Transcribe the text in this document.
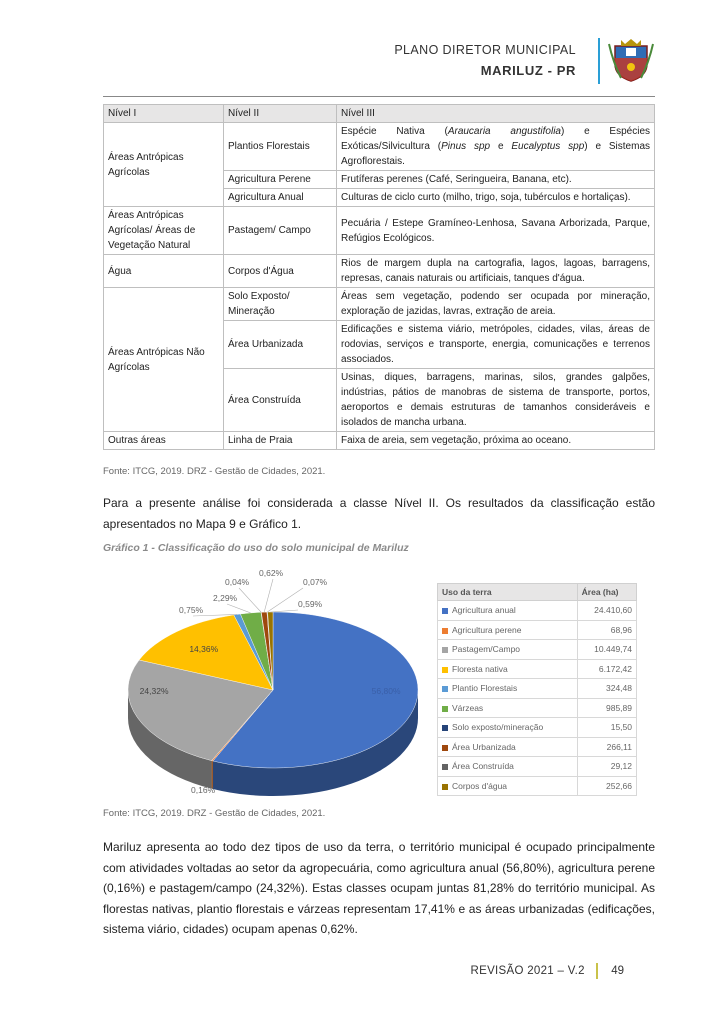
PLANO DIRETOR MUNICIPAL
MARILUZ - PR
Nível I	Nível II	Nível III
Áreas Antrópicas Agrícolas	Plantios Florestais	Espécie Nativa (Araucaria angustifolia) e Espécies Exóticas/Silvicultura (Pinus spp e Eucalyptus spp) e Sistemas Agroflorestais.
	Agricultura Perene	Frutíferas perenes (Café, Seringueira, Banana, etc).
	Agricultura Anual	Culturas de ciclo curto (milho, trigo, soja, tubérculos e hortaliças).
Áreas Antrópicas Agrícolas/ Áreas de Vegetação Natural	Pastagem/ Campo	Pecuária / Estepe Gramíneo-Lenhosa, Savana Arborizada, Parque, Refúgios Ecológicos.
Água	Corpos d'Água	Rios de margem dupla na cartografia, lagos, lagoas, barragens, represas, canais naturais ou artificiais, tanques d'água.
Áreas Antrópicas Não Agrícolas	Solo Exposto/ Mineração	Áreas sem vegetação, podendo ser ocupada por mineração, exploração de jazidas, lavras, extração de areia.
	Área Urbanizada	Edificações e sistema viário, metrópoles, cidades, vilas, áreas de rodovias, serviços e transporte, energia, comunicações e terrenos associados.
	Área Construída	Usinas, diques, barragens, marinas, silos, grandes galpões, indústrias, pátios de manobras de sistema de transporte, portos, aeroportos e demais estruturas de tamanhos consideráveis e isolados de mancha urbana.
Outras áreas	Linha de Praia	Faixa de areia, sem vegetação, próxima ao oceano.
Fonte: ITCG, 2019. DRZ - Gestão de Cidades, 2021.
Para a presente análise foi considerada a classe Nível II. Os resultados da classificação estão apresentados no Mapa 9 e Gráfico 1.
Gráfico 1 - Classificação do uso do solo municipal de Mariluz
56,80%
24,32%
14,36%
0,16%
0,75%
2,29%
0,04%
0,62%
0,07%
0,59%
Uso da terra	Área (ha)
Agricultura anual	24.410,60
Agricultura perene	68,96
Pastagem/Campo	10.449,74
Floresta nativa	6.172,42
Plantio Florestais	324,48
Várzeas	985,89
Solo exposto/mineração	15,50
Área Urbanizada	266,11
Área Construída	29,12
Corpos d'água	252,66
Fonte: ITCG, 2019. DRZ - Gestão de Cidades, 2021.
Mariluz apresenta ao todo dez tipos de uso da terra, o território municipal é ocupado principalmente com atividades voltadas ao setor da agropecuária, como agricultura anual (56,80%), agricultura perene (0,16%) e pastagem/campo (24,32%). Estas classes ocupam juntas 81,28% do território municipal. As florestas nativas, plantio florestais e várzeas representam 17,41% e as áreas urbanizadas (edificações, sistema viário, cidades) ocupam apenas 0,62%.
REVISÃO 2021 – V.2 49
